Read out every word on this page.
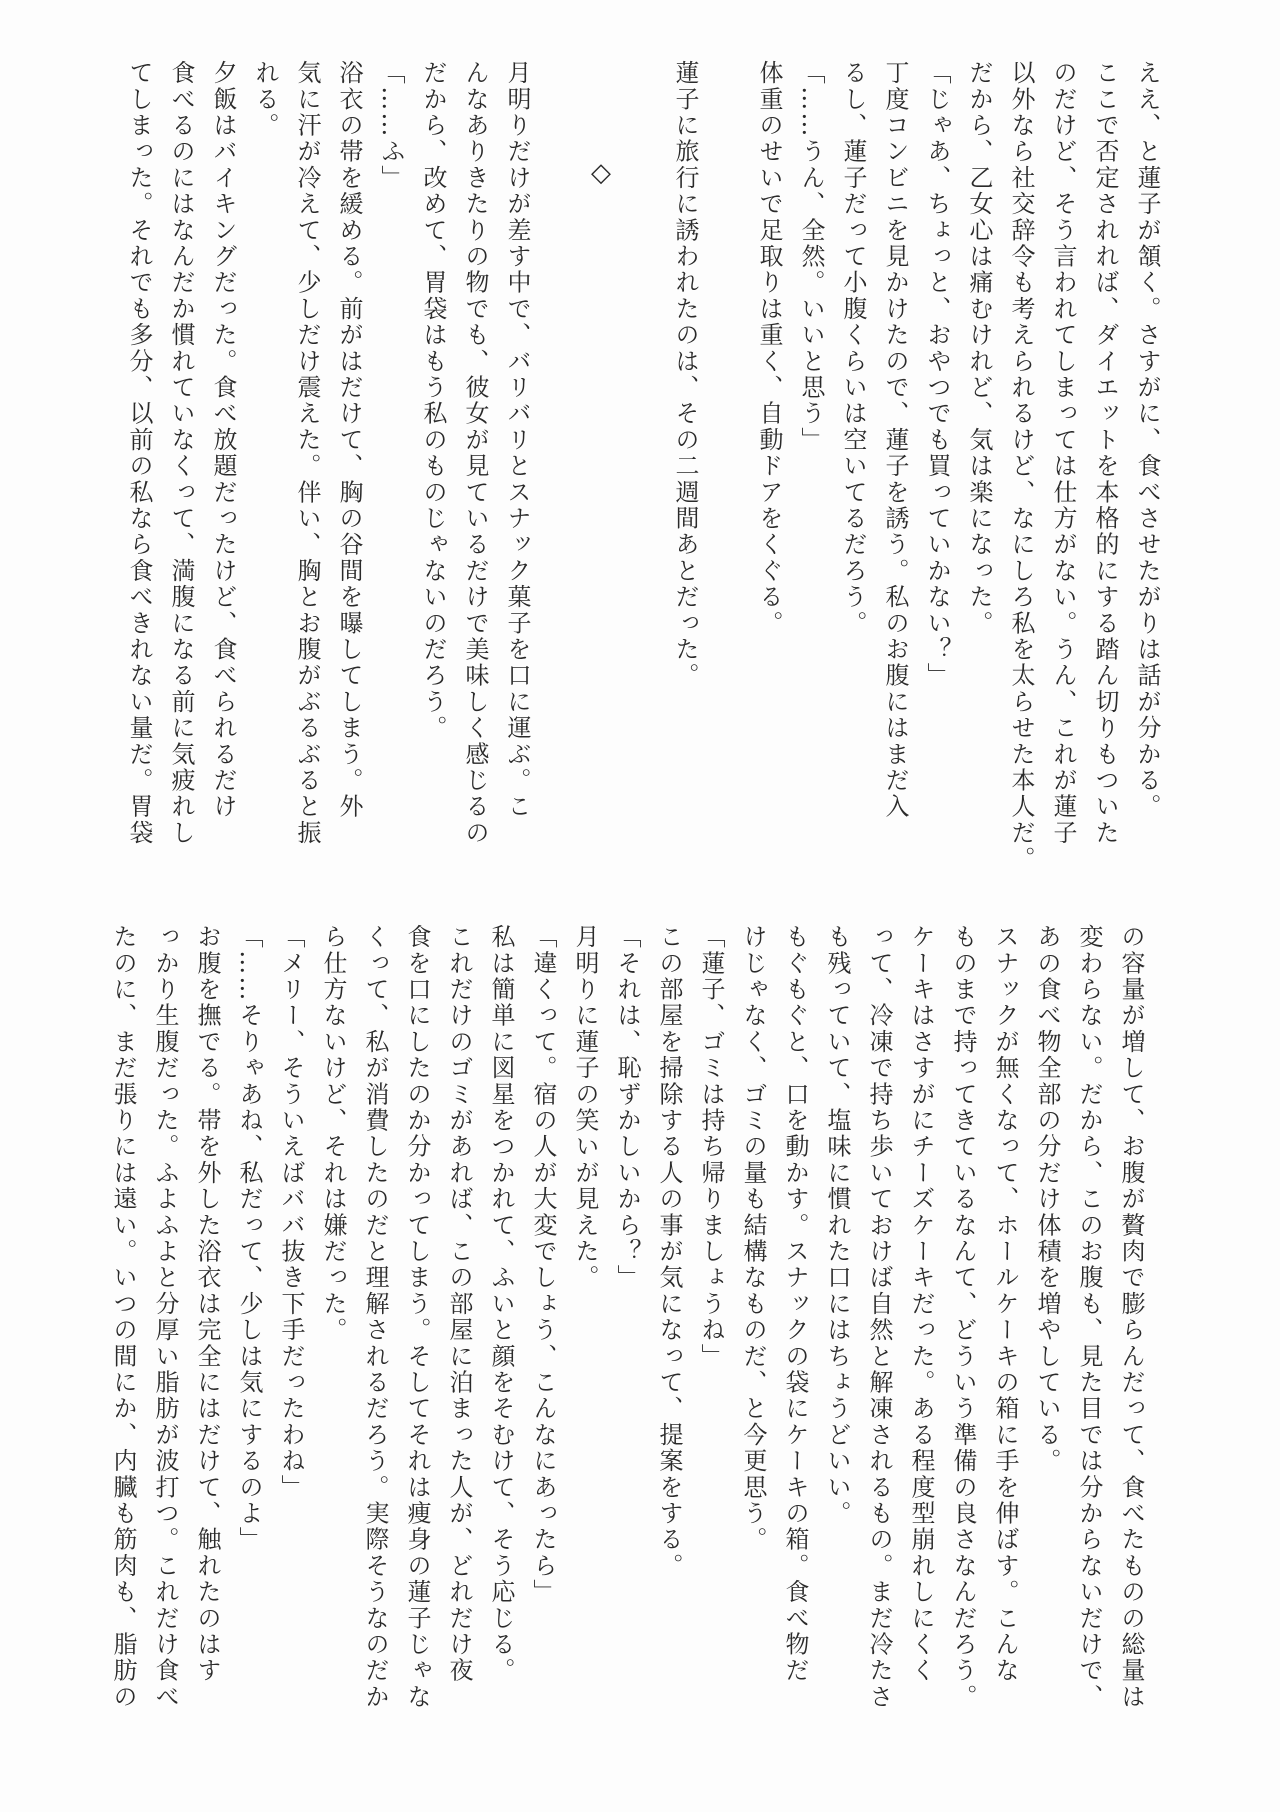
ええ、と蓮子が頷く。さすがに、食べさせたがりは話が分かる。
ここで否定されれば、ダイエットを本格的にする踏ん切りもついた
のだけど、そう言われてしまっては仕方がない。うん、これが蓮子
以外なら社交辞令も考えられるけど、なにしろ私を太らせた本人だ。
だから、乙女心は痛むけれど、気は楽になった。
「じゃあ、ちょっと、おやつでも買っていかない？」
丁度コンビニを見かけたので、蓮子を誘う。私のお腹にはまだ入
るし、蓮子だって小腹くらいは空いてるだろう。
「……うん、全然。いいと思う」
体重のせいで足取りは重く、自動ドアをくぐる。

蓮子に旅行に誘われたのは、その二週間あとだった。

◇

月明りだけが差す中で、バリバリとスナック菓子を口に運ぶ。こ
んなありきたりの物でも、彼女が見ているだけで美味しく感じるの
だから、改めて、胃袋はもう私のものじゃないのだろう。
「……ふ」
浴衣の帯を緩める。前がはだけて、胸の谷間を曝してしまう。外
気に汗が冷えて、少しだけ震えた。伴い、胸とお腹がぶるぶると振
れる。
夕飯はバイキングだった。食べ放題だったけど、食べられるだけ
食べるのにはなんだか慣れていなくって、満腹になる前に気疲れし
てしまった。それでも多分、以前の私なら食べきれない量だ。胃袋
の容量が増して、お腹が贅肉で膨らんだって、食べたものの総量は
変わらない。だから、このお腹も、見た目では分からないだけで、
あの食べ物全部の分だけ体積を増やしている。
スナックが無くなって、ホールケーキの箱に手を伸ばす。こんな
ものまで持ってきているなんて、どういう準備の良さなんだろう。
ケーキはさすがにチーズケーキだった。ある程度型崩れしにくく
って、冷凍で持ち歩いておけば自然と解凍されるもの。まだ冷たさ
も残っていて、塩味に慣れた口にはちょうどいい。
もぐもぐと、口を動かす。スナックの袋にケーキの箱。食べ物だ
けじゃなく、ゴミの量も結構なものだ、と今更思う。
「蓮子、ゴミは持ち帰りましょうね」
この部屋を掃除する人の事が気になって、提案をする。
「それは、恥ずかしいから？」
月明りに蓮子の笑いが見えた。
「違くって。宿の人が大変でしょう、こんなにあったら」
私は簡単に図星をつかれて、ふいと顔をそむけて、そう応じる。
これだけのゴミがあれば、この部屋に泊まった人が、どれだけ夜
食を口にしたのか分かってしまう。そしてそれは痩身の蓮子じゃな
くって、私が消費したのだと理解されるだろう。実際そうなのだか
ら仕方ないけど、それは嫌だった。
「メリー、そういえばババ抜き下手だったわね」
「……そりゃあね、私だって、少しは気にするのよ」
お腹を撫でる。帯を外した浴衣は完全にはだけて、触れたのはす
っかり生腹だった。ふよふよと分厚い脂肪が波打つ。これだけ食べ
たのに、まだ張りには遠い。いつの間にか、内臓も筋肉も、脂肪の
